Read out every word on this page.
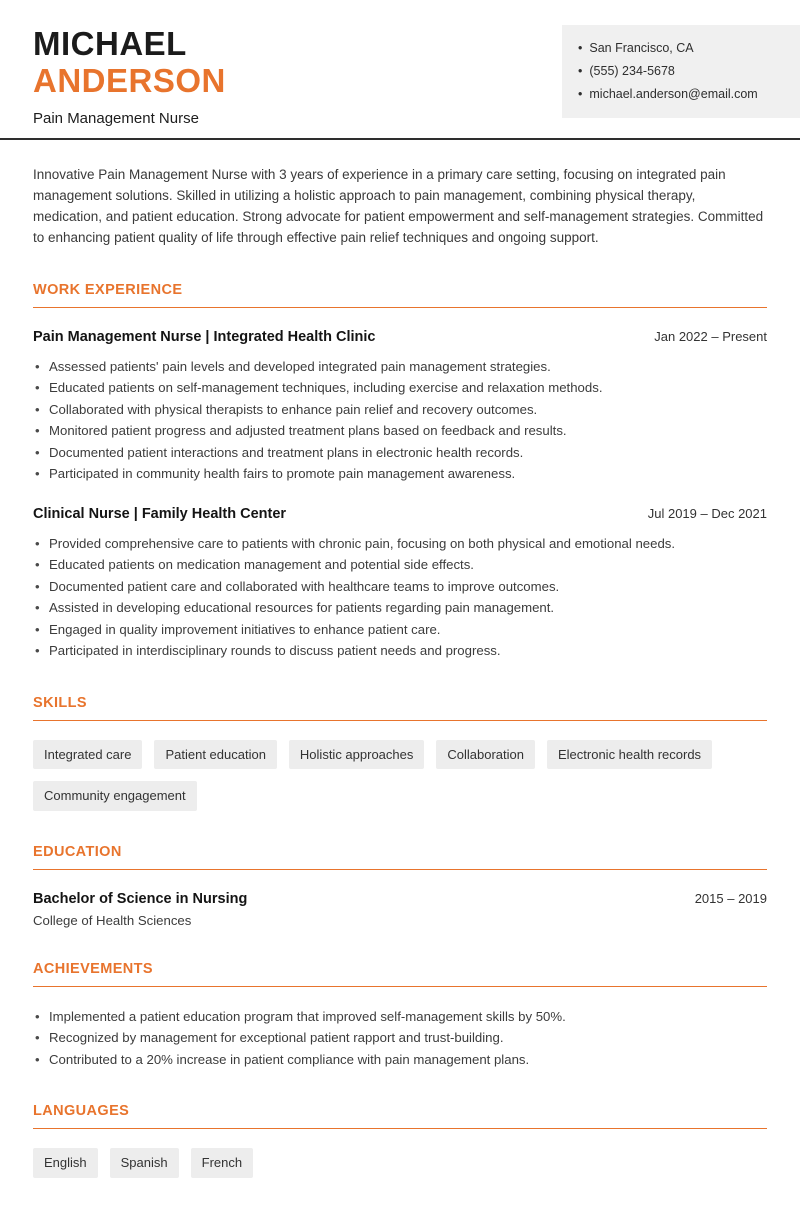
MICHAEL
ANDERSON
Pain Management Nurse
• San Francisco, CA
• (555) 234-5678
• michael.anderson@email.com

Innovative Pain Management Nurse with 3 years of experience in a primary care setting, focusing on integrated pain management solutions. Skilled in utilizing a holistic approach to pain management, combining physical therapy, medication, and patient education. Strong advocate for patient empowerment and self-management strategies. Committed to enhancing patient quality of life through effective pain relief techniques and ongoing support.

WORK EXPERIENCE
Pain Management Nurse | Integrated Health Clinic	Jan 2022 – Present
• Assessed patients' pain levels and developed integrated pain management strategies.
• Educated patients on self-management techniques, including exercise and relaxation methods.
• Collaborated with physical therapists to enhance pain relief and recovery outcomes.
• Monitored patient progress and adjusted treatment plans based on feedback and results.
• Documented patient interactions and treatment plans in electronic health records.
• Participated in community health fairs to promote pain management awareness.
Clinical Nurse | Family Health Center	Jul 2019 – Dec 2021
• Provided comprehensive care to patients with chronic pain, focusing on both physical and emotional needs.
• Educated patients on medication management and potential side effects.
• Documented patient care and collaborated with healthcare teams to improve outcomes.
• Assisted in developing educational resources for patients regarding pain management.
• Engaged in quality improvement initiatives to enhance patient care.
• Participated in interdisciplinary rounds to discuss patient needs and progress.
SKILLS
Integrated care	Patient education	Holistic approaches	Collaboration	Electronic health records
Community engagement
EDUCATION
Bachelor of Science in Nursing	2015 – 2019
College of Health Sciences
ACHIEVEMENTS
• Implemented a patient education program that improved self-management skills by 50%.
• Recognized by management for exceptional patient rapport and trust-building.
• Contributed to a 20% increase in patient compliance with pain management plans.
LANGUAGES
English	Spanish	French
